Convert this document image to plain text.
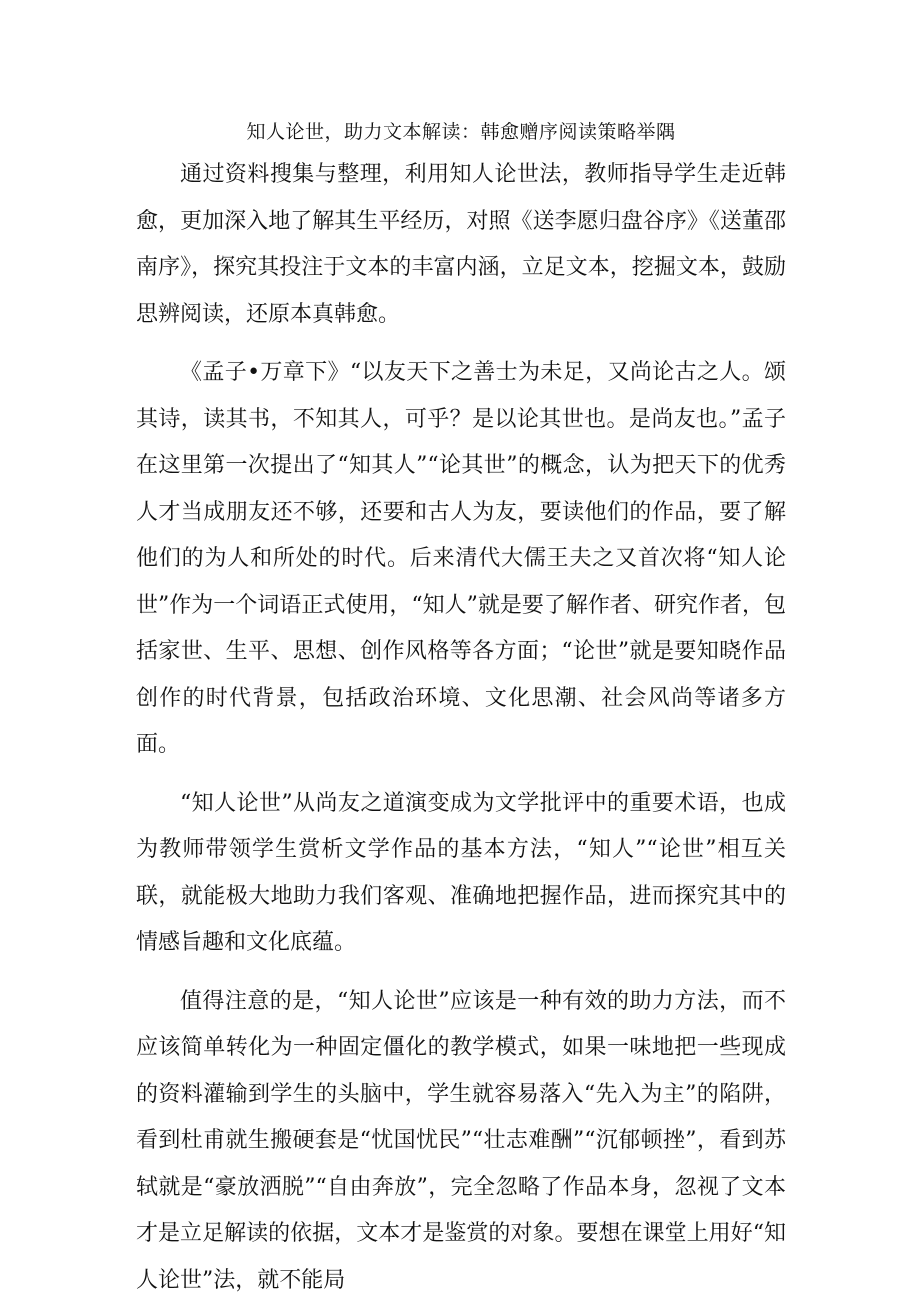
知人论世，助力文本解读：韩愈赠序阅读策略举隅

通过资料搜集与整理，利用知人论世法，教师指导学生走近韩愈，更加深入地了解其生平经历，对照《送李愿归盘谷序》《送董邵南序》，探究其投注于文本的丰富内涵，立足文本，挖掘文本，鼓励思辨阅读，还原本真韩愈。

《孟子•万章下》“以友天下之善士为未足，又尚论古之人。颂其诗，读其书，不知其人，可乎？是以论其世也。是尚友也。”孟子在这里第一次提出了“知其人”“论其世”的概念，认为把天下的优秀人才当成朋友还不够，还要和古人为友，要读他们的作品，要了解他们的为人和所处的时代。后来清代大儒王夫之又首次将“知人论世”作为一个词语正式使用，“知人”就是要了解作者、研究作者，包括家世、生平、思想、创作风格等各方面；“论世”就是要知晓作品创作的时代背景，包括政治环境、文化思潮、社会风尚等诸多方面。

“知人论世”从尚友之道演变成为文学批评中的重要术语，也成为教师带领学生赏析文学作品的基本方法，“知人”“论世”相互关联，就能极大地助力我们客观、准确地把握作品，进而探究其中的情感旨趣和文化底蕴。

值得注意的是，“知人论世”应该是一种有效的助力方法，而不应该简单转化为一种固定僵化的教学模式，如果一味地把一些现成的资料灌输到学生的头脑中，学生就容易落入“先入为主”的陷阱，看到杜甫就生搬硬套是“忧国忧民”“壮志难酬”“沉郁顿挫”，看到苏轼就是“豪放洒脱”“自由奔放”，完全忽略了作品本身，忽视了文本才是立足解读的依据，文本才是鉴赏的对象。要想在课堂上用好“知人论世”法，就不能局
